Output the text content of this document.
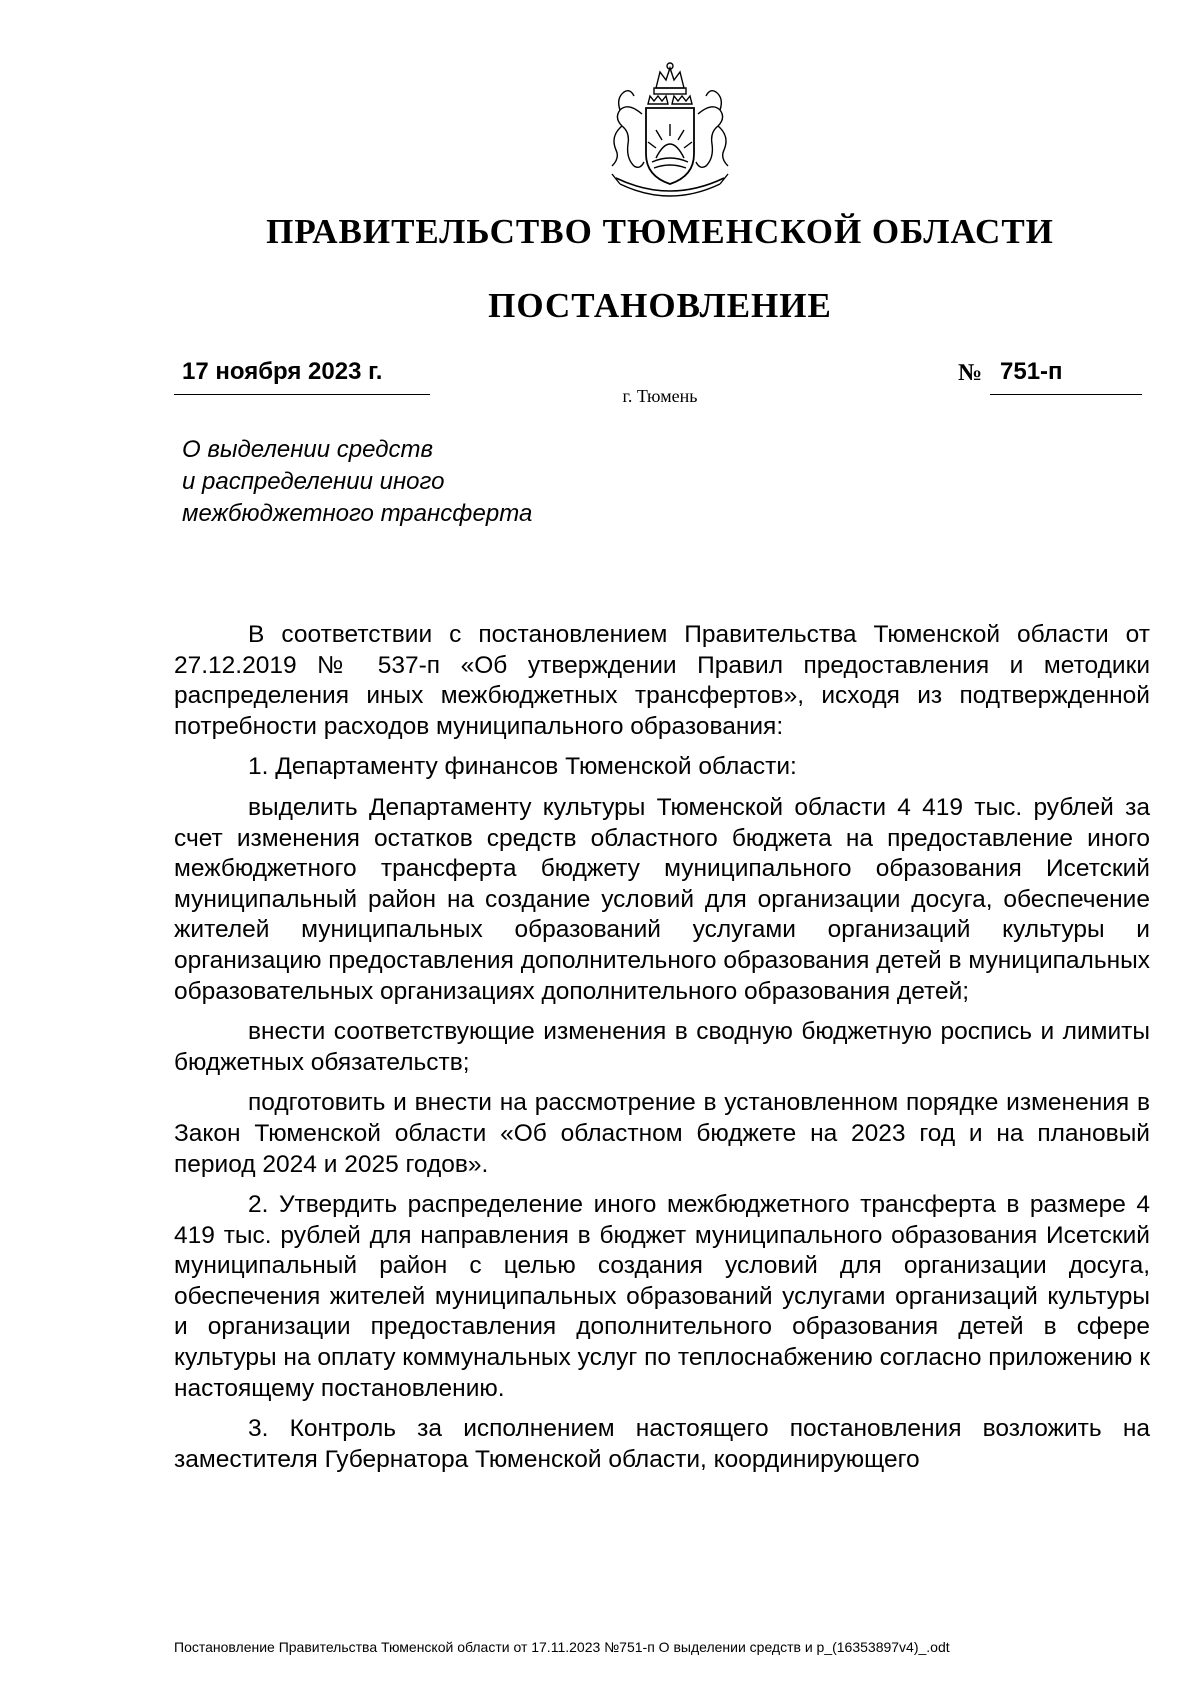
ПРАВИТЕЛЬСТВО ТЮМЕНСКОЙ ОБЛАСТИ
ПОСТАНОВЛЕНИЕ
17 ноября 2023 г.	№ 751-п
г. Тюмень
О выделении средств
и распределении иного
межбюджетного трансферта

В соответствии с постановлением Правительства Тюменской области от 27.12.2019 № 537-п «Об утверждении Правил предоставления и методики распределения иных межбюджетных трансфертов», исходя из подтвержденной потребности расходов муниципального образования:

1. Департаменту финансов Тюменской области:

выделить Департаменту культуры Тюменской области 4 419 тыс. рублей за счет изменения остатков средств областного бюджета на предоставление иного межбюджетного трансферта бюджету муниципального образования Исетский муниципальный район на создание условий для организации досуга, обеспечение жителей муниципальных образований услугами организаций культуры и организацию предоставления дополнительного образования детей в муниципальных образовательных организациях дополнительного образования детей;

внести соответствующие изменения в сводную бюджетную роспись и лимиты бюджетных обязательств;

подготовить и внести на рассмотрение в установленном порядке изменения в Закон Тюменской области «Об областном бюджете на 2023 год и на плановый период 2024 и 2025 годов».

2. Утвердить распределение иного межбюджетного трансферта в размере 4 419 тыс. рублей для направления в бюджет муниципального образования Исетский муниципальный район с целью создания условий для организации досуга, обеспечения жителей муниципальных образований услугами организаций культуры и организации предоставления дополнительного образования детей в сфере культуры на оплату коммунальных услуг по теплоснабжению согласно приложению к настоящему постановлению.

3. Контроль за исполнением настоящего постановления возложить на заместителя Губернатора Тюменской области, координирующего

Постановление Правительства Тюменской области от 17.11.2023 №751-п О выделении средств и р_(16353897v4)_.odt
